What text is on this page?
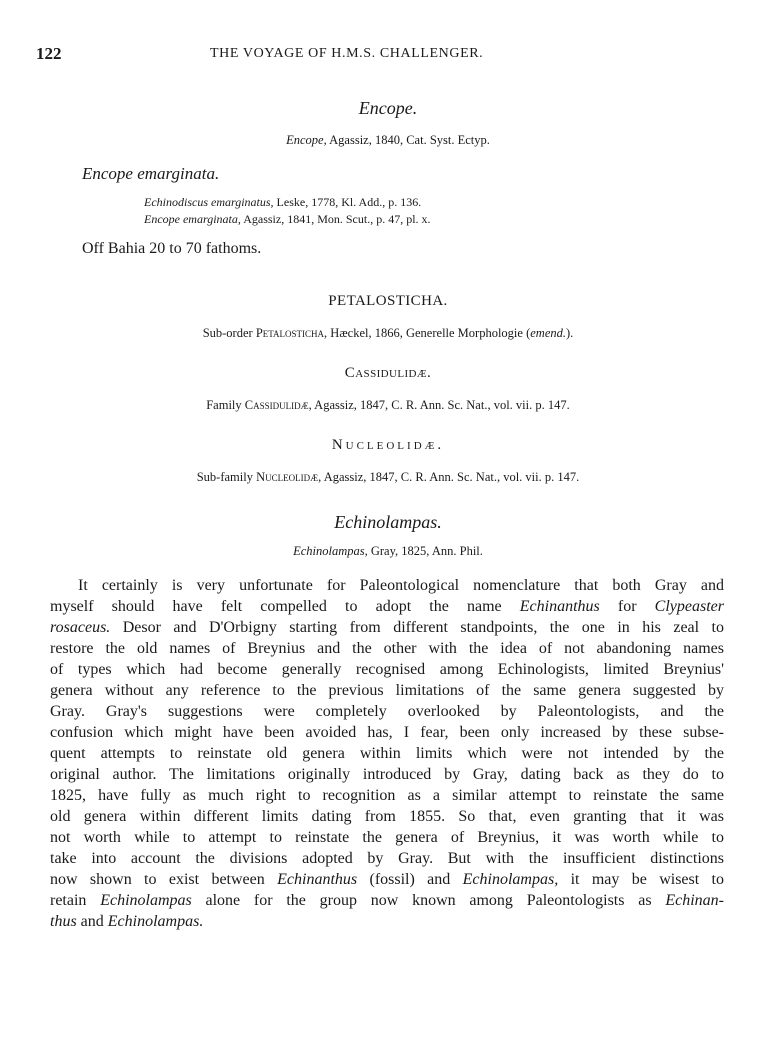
122	THE VOYAGE OF H.M.S. CHALLENGER.
Encope.
Encope, Agassiz, 1840, Cat. Syst. Ectyp.
Encope emarginata.
Echinodiscus emarginatus, Leske, 1778, Kl. Add., p. 136.
Encope emarginata, Agassiz, 1841, Mon. Scut., p. 47, pl. x.
Off Bahia 20 to 70 fathoms.
PETALOSTICHA.
Sub-order Petalosticha, Hæckel, 1866, Generelle Morphologie (emend.).
Cassidulidæ.
Family Cassidulidæ, Agassiz, 1847, C. R. Ann. Sc. Nat., vol. vii. p. 147.
Nucleolidæ.
Sub-family Nucleolidæ, Agassiz, 1847, C. R. Ann. Sc. Nat., vol. vii. p. 147.
Echinolampas.
Echinolampas, Gray, 1825, Ann. Phil.
It certainly is very unfortunate for Paleontological nomenclature that both Gray and
myself should have felt compelled to adopt the name Echinanthus for Clypeaster
rosaceus. Desor and D'Orbigny starting from different standpoints, the one in his zeal to
restore the old names of Breynius and the other with the idea of not abandoning names
of types which had become generally recognised among Echinologists, limited Breynius'
genera without any reference to the previous limitations of the same genera suggested by
Gray. Gray's suggestions were completely overlooked by Paleontologists, and the
confusion which might have been avoided has, I fear, been only increased by these subse-
quent attempts to reinstate old genera within limits which were not intended by the
original author. The limitations originally introduced by Gray, dating back as they do to
1825, have fully as much right to recognition as a similar attempt to reinstate the same
old genera within different limits dating from 1855. So that, even granting that it was
not worth while to attempt to reinstate the genera of Breynius, it was worth while to
take into account the divisions adopted by Gray. But with the insufficient distinctions
now shown to exist between Echinanthus (fossil) and Echinolampas, it may be wisest to
retain Echinolampas alone for the group now known among Paleontologists as Echinan-
thus and Echinolampas.
